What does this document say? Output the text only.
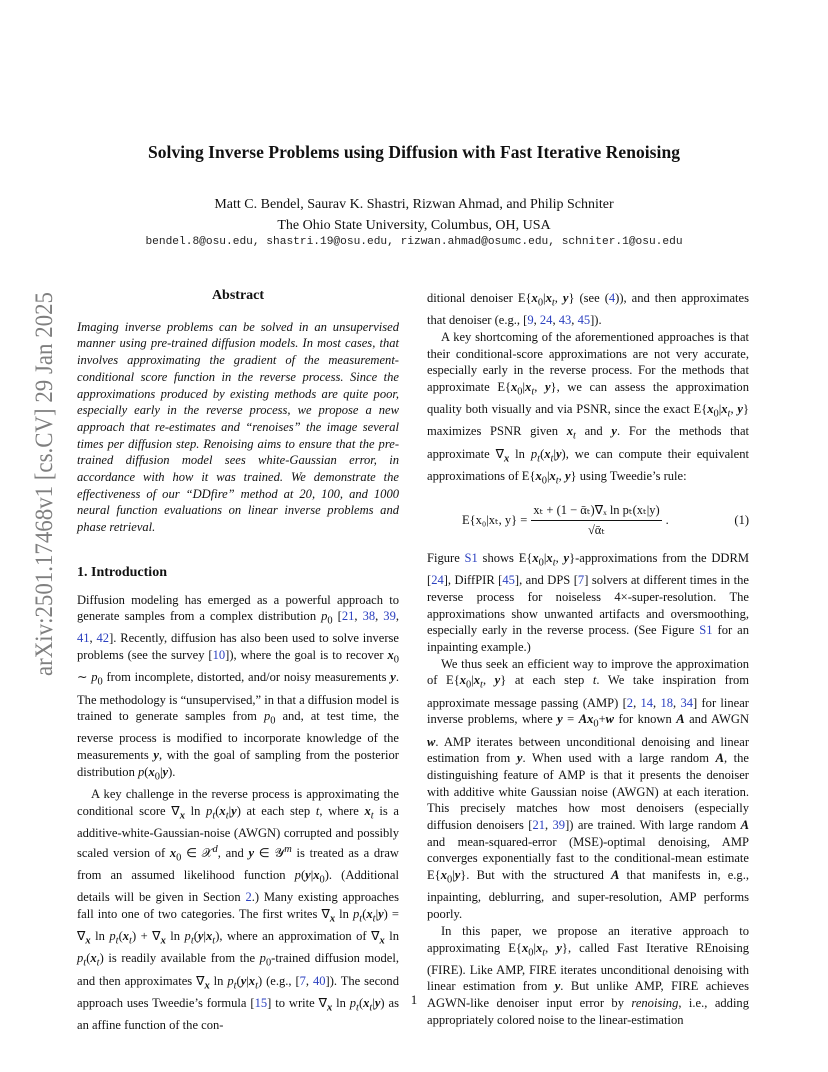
arXiv:2501.17468v1 [cs.CV] 29 Jan 2025
Solving Inverse Problems using Diffusion with Fast Iterative Renoising
Matt C. Bendel, Saurav K. Shastri, Rizwan Ahmad, and Philip Schniter
The Ohio State University, Columbus, OH, USA
bendel.8@osu.edu, shastri.19@osu.edu, rizwan.ahmad@osumc.edu, schniter.1@osu.edu
Abstract

Imaging inverse problems can be solved in an unsupervised manner using pre-trained diffusion models. In most cases, that involves approximating the gradient of the measurement-conditional score function in the reverse process. Since the approximations produced by existing methods are quite poor, especially early in the reverse process, we propose a new approach that re-estimates and “renoises” the image several times per diffusion step. Renoising aims to ensure that the pre-trained diffusion model sees white-Gaussian error, in accordance with how it was trained. We demonstrate the effectiveness of our “DDfire” method at 20, 100, and 1000 neural function evaluations on linear inverse problems and phase retrieval.

1. Introduction
Diffusion modeling has emerged as a powerful approach to generate samples from a complex distribution $p_0$ [21, 38, 39, 41, 42]. Recently, diffusion has also been used to solve inverse problems (see the survey [10]), where the goal is to recover $x_0$ ∼ $p_0$ from incomplete, distorted, and/or noisy measurements y. The methodology is “unsupervised,” in that a diffusion model is trained to generate samples from $p_0$ and, at test time, the reverse process is modified to incorporate knowledge of the measurements y, with the goal of sampling from the posterior distribution $p(x_0|y)$.
A key challenge in the reverse process is approximating the conditional score $\nabla_x$ $\ln p_t(x_t|y)$ at each step t, where $x_t$ is a additive-white-Gaussian-noise (AWGN) corrupted and possibly scaled version of $x_0$ ∈ 𝒳$^d$, and y ∈ 𝒴$^m$ is treated as a draw from an assumed likelihood function $p(y|x_0)$. (Additional details will be given in Section 2.) Many existing approaches fall into one of two categories. The first writes $\nabla_x$ $\ln p_t(x_t|y) = \nabla_x$ $\ln p_t(x_t) + \nabla_x$ $\ln p_t(y|x_t)$, where an approximation of $\nabla_x$ $\ln p_t(x_t)$ is readily available from the $p_0$-trained diffusion model, and then approximates $\nabla_x$ $\ln p_t(y|x_t)$ (e.g., [7, 40]). The second approach uses Tweedie’s formula [15] to write $\nabla_x$ $\ln p_t(x_t|y)$ as an affine function of the con-
ditional denoiser $E\{x_0|x_t$, y} (see (4)), and then approximates that denoiser (e.g., [9, 24, 43, 45]).
A key shortcoming of the aforementioned approaches is that their conditional-score approximations are not very accurate, especially early in the reverse process. For the methods that approximate $E\{x_0|x_t$, y}, we can assess the approximation quality both visually and via PSNR, since the exact $E\{x_0|x_t$, y} maximizes PSNR given $x_t$ and y. For the methods that approximate $\nabla_x$ $\ln p_t(x_t|y)$, we can compute their equivalent approximations of $E\{x_0|x_t$, y} using Tweedie’s rule:
E{x₀|xₜ, $y\} = \frac{\text{xₜ + (1 − ᾱₜ)∇ₓ ln pₜ(xₜ|y)}}{\text{√ᾱₜ}}$ .	(1)
Figure S1 shows $E\{x_0|x_t$, y}-approximations from the DDRM [24], DiffPIR [45], and DPS [7] solvers at different times in the reverse process for noiseless 4×-super-resolution. The approximations show unwanted artifacts and oversmoothing, especially early in the reverse process. (See Figure S1 for an inpainting example.)
We thus seek an efficient way to improve the approximation of $E\{x_0|x_t$, y} at each step t. We take inspiration from approximate message passing (AMP) [2, 14, 18, 34] for linear inverse problems, where $y = Ax_0+w$ for known A and AWGN w. AMP iterates between unconditional denoising and linear estimation from y. When used with a large random A, the distinguishing feature of AMP is that it presents the denoiser with additive white Gaussian noise (AWGN) at each iteration. This precisely matches how most denoisers (especially diffusion denoisers [21, 39]) are trained. With large random A and mean-squared-error (MSE)-optimal denoising, AMP converges exponentially fast to the conditional-mean estimate $E\{x_0|y\}$. But with the structured A that manifests in, e.g., inpainting, deblurring, and super-resolution, AMP performs poorly.
In this paper, we propose an iterative approach to approximating $E\{x_0|x_t$, y}, called Fast Iterative REnoising (FIRE). Like AMP, FIRE iterates unconditional denoising with linear estimation from y. But unlike AMP, FIRE achieves AGWN-like denoiser input error by renoising, i.e., adding appropriately colored noise to the linear-estimation
1
